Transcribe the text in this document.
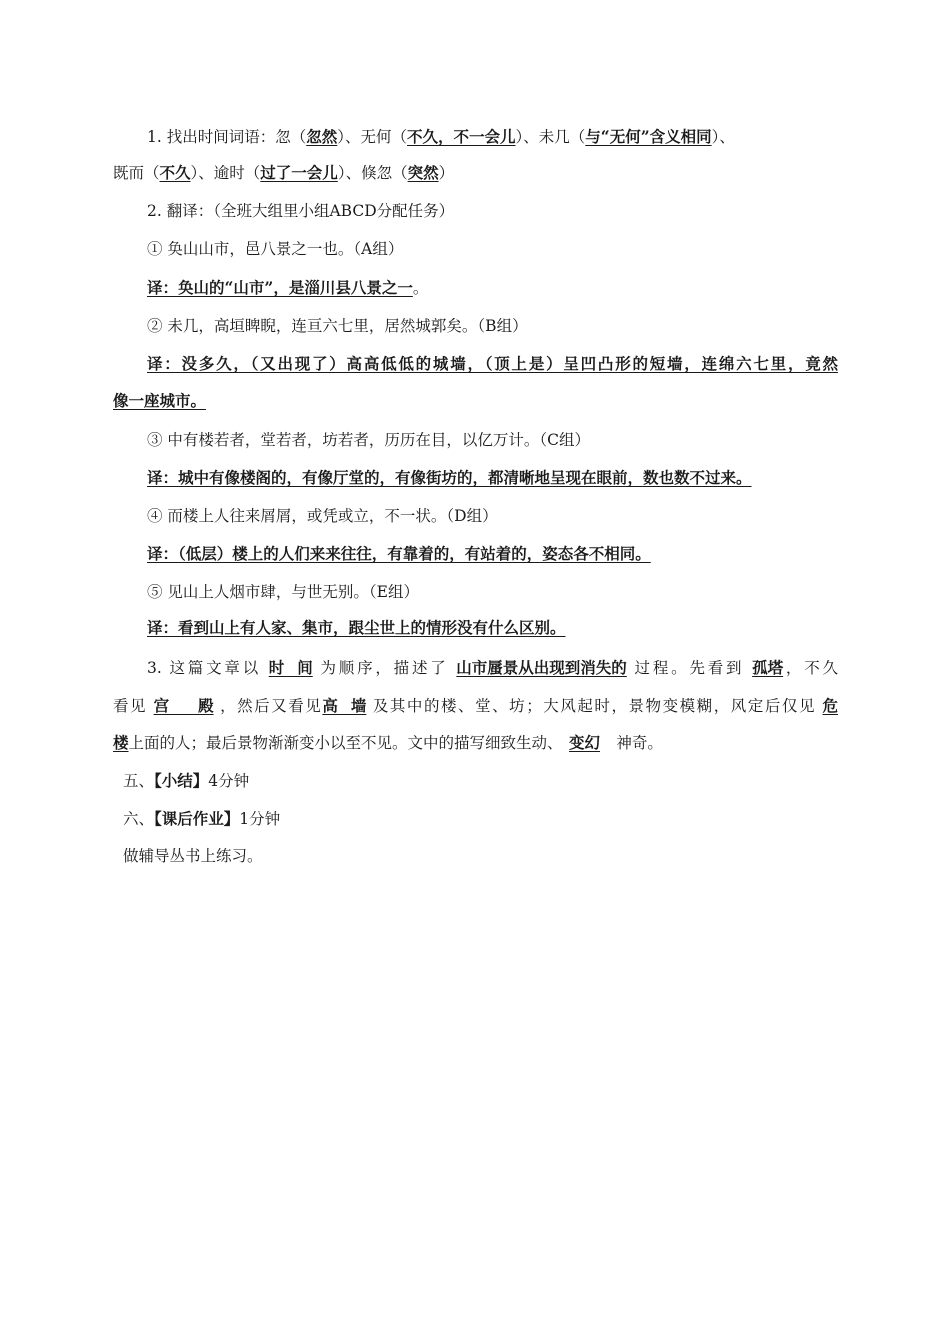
1. 找出时间词语：忽（忽然）、无何（不久，不一会儿）、未几（与“无何”含义相同）、
既而（不久）、逾时（过了一会儿）、倏忽（突然）
2. 翻译：（全班大组里小组ABCD分配任务）
① 奂山山市，邑八景之一也。（A组）
译：奂山的“山市”，是淄川县八景之一。
② 未几，高垣睥睨，连亘六七里，居然城郭矣。（B组）
译：没多久，（又出现了）高高低低的城墙，（顶上是）呈凹凸形的短墙，连绵六七里，竟然
像一座城市。
③ 中有楼若者，堂若者，坊若者，历历在目，以亿万计。（C组）
译：城中有像楼阁的，有像厅堂的，有像街坊的，都清晰地呈现在眼前，数也数不过来。
④ 而楼上人往来屑屑，或凭或立，不一状。（D组）
译：（低层）楼上的人们来来往往，有靠着的，有站着的，姿态各不相同。
⑤ 见山上人烟市肆，与世无别。（E组）
译：看到山上有人家、集市，跟尘世上的情形没有什么区别。
3. 这篇文章以 时间 为顺序，描述了 山市蜃景从出现到消失的 过程。先看到 孤塔，不久
看见 宫殿 ，然后又看见高墙 及其中的楼、堂、坊；大风起时，景物变模糊，风定后仅见 危
楼上面的人；最后景物渐渐变小以至不见。文中的描写细致生动、 变幻 神奇。
五、【小结】4分钟
六、【课后作业】1分钟
做辅导丛书上练习。
